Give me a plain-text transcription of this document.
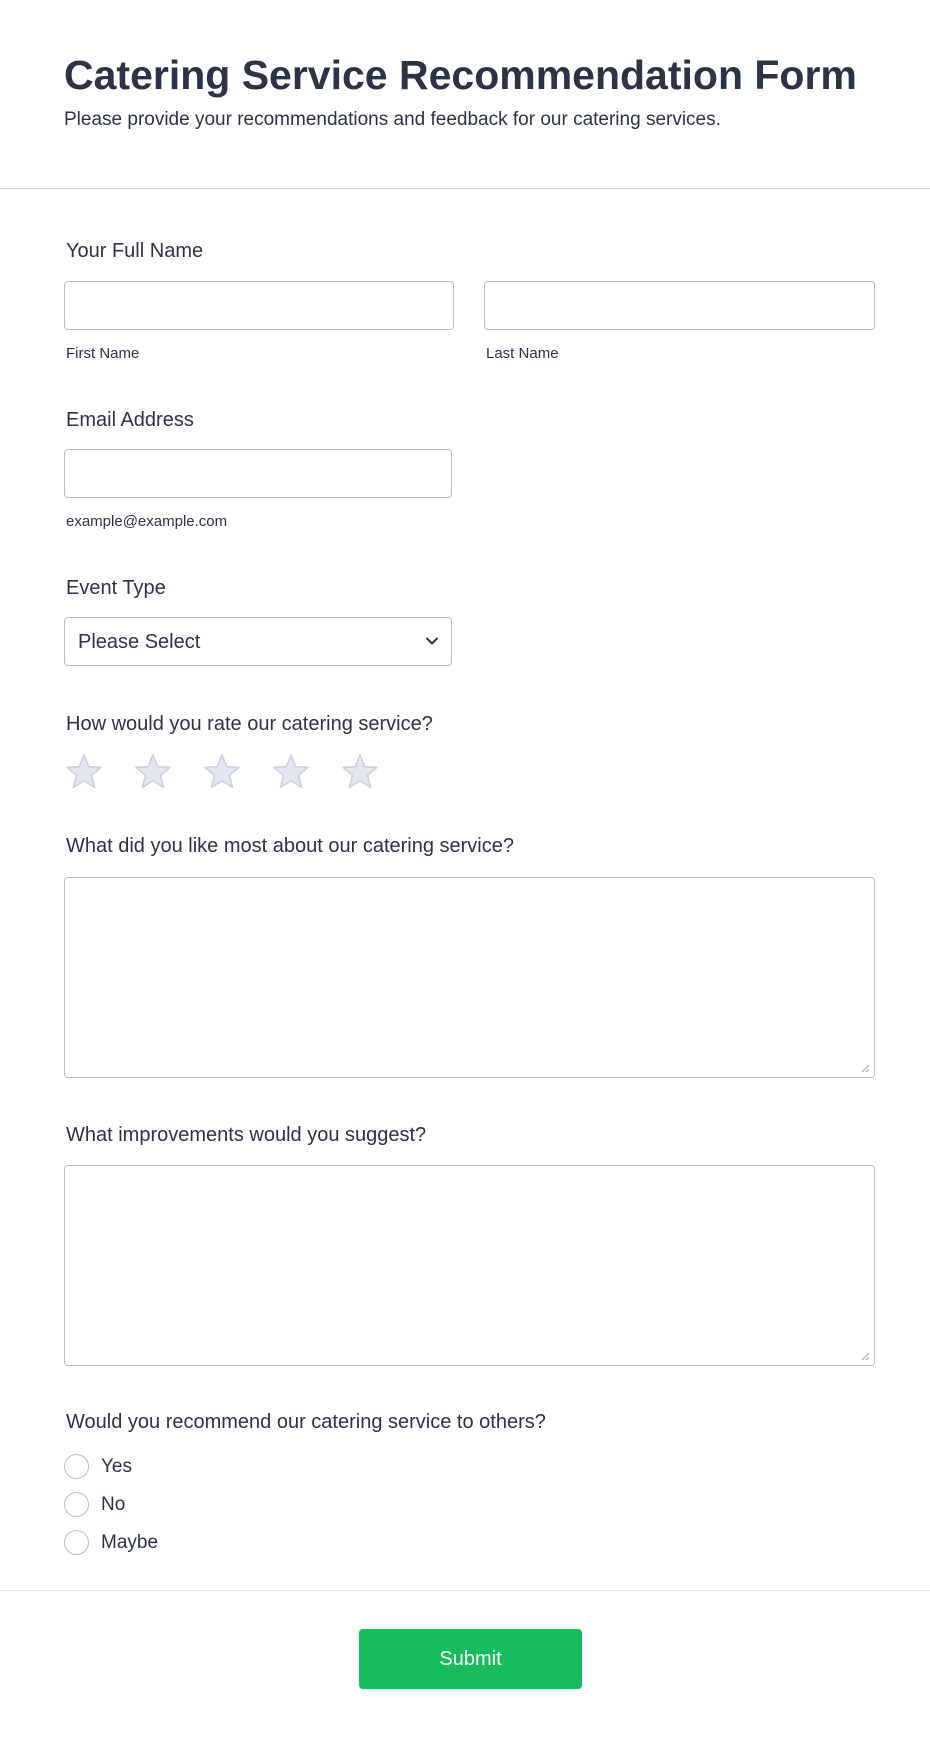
Catering Service Recommendation Form
Please provide your recommendations and feedback for our catering services.
Your Full Name
First Name	Last Name
Email Address
example@example.com
Event Type
Please Select
How would you rate our catering service?
What did you like most about our catering service?
What improvements would you suggest?
Would you recommend our catering service to others?
Yes
No
Maybe
Submit
